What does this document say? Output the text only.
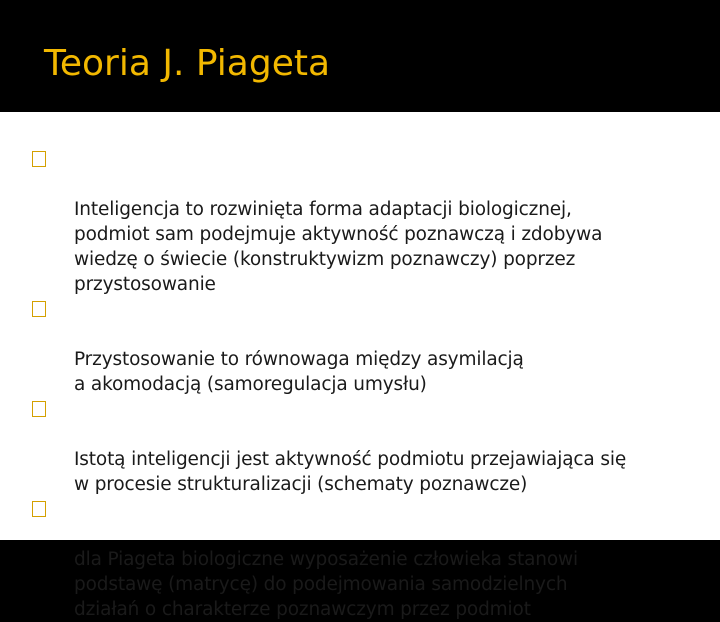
Teoria J. Piageta

Inteligencja to rozwinięta forma adaptacji biologicznej,
podmiot sam podejmuje aktywność poznawczą i zdobywa
wiedzę o świecie (konstruktywizm poznawczy) poprzez
przystosowanie

Przystosowanie to równowaga między asymilacją
a akomodacją (samoregulacja umysłu)

Istotą inteligencji jest aktywność podmiotu przejawiająca się
w procesie strukturalizacji (schematy poznawcze)

dla Piageta biologiczne wyposażenie człowieka stanowi
podstawę (matrycę) do podejmowania samodzielnych
działań o charakterze poznawczym przez podmiot
